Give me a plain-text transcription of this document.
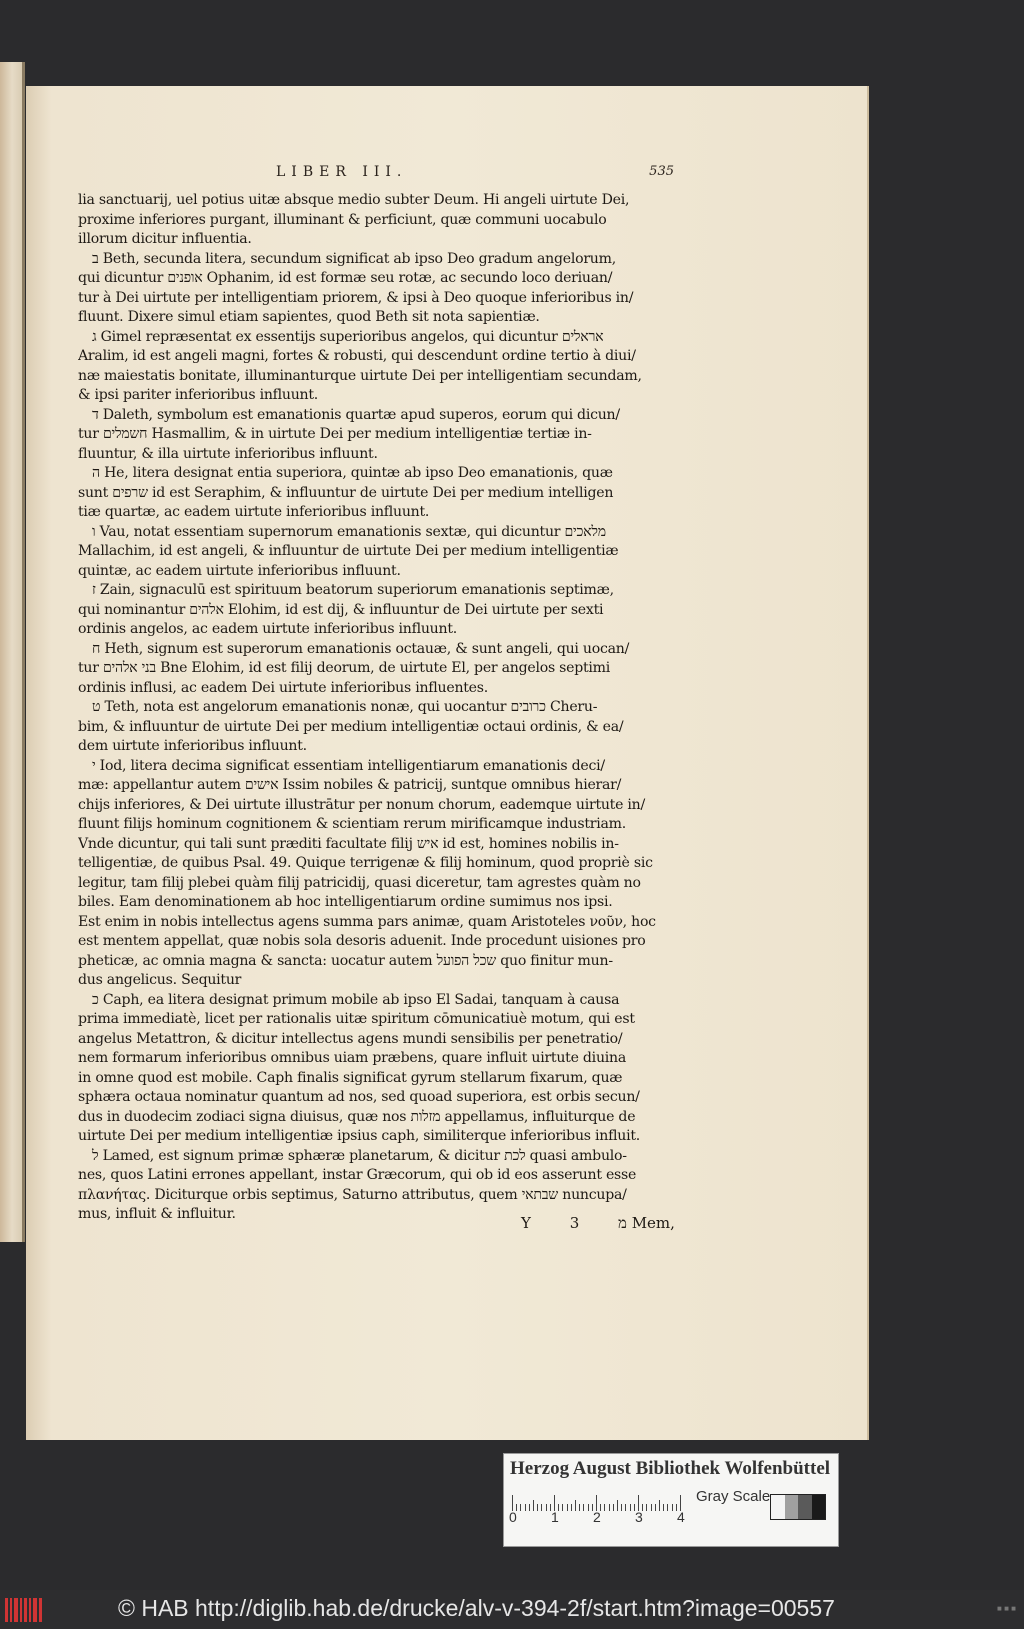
LIBER III.	535
lia sanctuarij, uel potius uitæ absque medio subter Deum. Hi angeli uirtute Dei,
proxime inferiores purgant, illuminant & perficiunt, quæ communi uocabulo
illorum dicitur influentia.
ב Beth, secunda litera, secundum significat ab ipso Deo gradum angelorum,
qui dicuntur אופנים Ophanim, id est formæ seu rotæ, ac secundo loco deriuan/
tur à Dei uirtute per intelligentiam priorem, & ipsi à Deo quoque inferioribus in/
fluunt. Dixere simul etiam sapientes, quod Beth sit nota sapientiæ.
ג Gimel repræsentat ex essentijs superioribus angelos, qui dicuntur אראלים
Aralim, id est angeli magni, fortes & robusti, qui descendunt ordine tertio à diui/
næ maiestatis bonitate, illuminanturque uirtute Dei per intelligentiam secundam,
& ipsi pariter inferioribus influunt.
ד Daleth, symbolum est emanationis quartæ apud superos, eorum qui dicun/
tur חשמלים Hasmallim, & in uirtute Dei per medium intelligentiæ tertiæ in-
fluuntur, & illa uirtute inferioribus influunt.
ה He, litera designat entia superiora, quintæ ab ipso Deo emanationis, quæ
sunt שרפים id est Seraphim, & influuntur de uirtute Dei per medium intelligen
tiæ quartæ, ac eadem uirtute inferioribus influunt.
ו Vau, notat essentiam supernorum emanationis sextæ, qui dicuntur מלאכים
Mallachim, id est angeli, & influuntur de uirtute Dei per medium intelligentiæ
quintæ, ac eadem uirtute inferioribus influunt.
ז Zain, signaculū est spirituum beatorum superiorum emanationis septimæ,
qui nominantur אלהים Elohim, id est dij, & influuntur de Dei uirtute per sexti
ordinis angelos, ac eadem uirtute inferioribus influunt.
ח Heth, signum est superorum emanationis octauæ, & sunt angeli, qui uocan/
tur בני אלהים Bne Elohim, id est filij deorum, de uirtute El, per angelos septimi
ordinis influsi, ac eadem Dei uirtute inferioribus influentes.
ט Teth, nota est angelorum emanationis nonæ, qui uocantur כרובים Cheru-
bim, & influuntur de uirtute Dei per medium intelligentiæ octaui ordinis, & ea/
dem uirtute inferioribus influunt.
י Iod, litera decima significat essentiam intelligentiarum emanationis deci/
mæ: appellantur autem אישים Issim nobiles & patricij, suntque omnibus hierar/
chijs inferiores, & Dei uirtute illustrātur per nonum chorum, eademque uirtute in/
fluunt filijs hominum cognitionem & scientiam rerum mirificamque industriam.
Vnde dicuntur, qui tali sunt præditi facultate filij איש id est, homines nobilis in-
telligentiæ, de quibus Psal. 49. Quique terrigenæ & filij hominum, quod propriè sic
legitur, tam filij plebei quàm filij patricidij, quasi diceretur, tam agrestes quàm no
biles. Eam denominationem ab hoc intelligentiarum ordine sumimus nos ipsi.
Est enim in nobis intellectus agens summa pars animæ, quam Aristoteles νοῦν, hoc
est mentem appellat, quæ nobis sola desoris aduenit. Inde procedunt uisiones pro
pheticæ, ac omnia magna & sancta: uocatur autem שכל הפועל quo finitur mun-
dus angelicus. Sequitur
כ Caph, ea litera designat primum mobile ab ipso El Sadai, tanquam à causa
prima immediatè, licet per rationalis uitæ spiritum cōmunicatiuè motum, qui est
angelus Metattron, & dicitur intellectus agens mundi sensibilis per penetratio/
nem formarum inferioribus omnibus uiam præbens, quare influit uirtute diuina
in omne quod est mobile. Caph finalis significat gyrum stellarum fixarum, quæ
sphæra octaua nominatur quantum ad nos, sed quoad superiora, est orbis secun/
dus in duodecim zodiaci signa diuisus, quæ nos מזלות appellamus, influiturque de
uirtute Dei per medium intelligentiæ ipsius caph, similiterque inferioribus influit.
ל Lamed, est signum primæ sphæræ planetarum, & dicitur לכת quasi ambulo-
nes, quos Latini errones appellant, instar Græcorum, qui ob id eos asserunt esse
πλανήτας. Diciturque orbis septimus, Saturno attributus, quem שבתאי nuncupa/
mus, influit & influitur.	Y	3	מ Mem,
Herzog August Bibliothek Wolfenbüttel
Gray Scale
0 1 2 3 4
© HAB http://diglib.hab.de/drucke/alv-v-394-2f/start.htm?image=00557	■ ■ ■
